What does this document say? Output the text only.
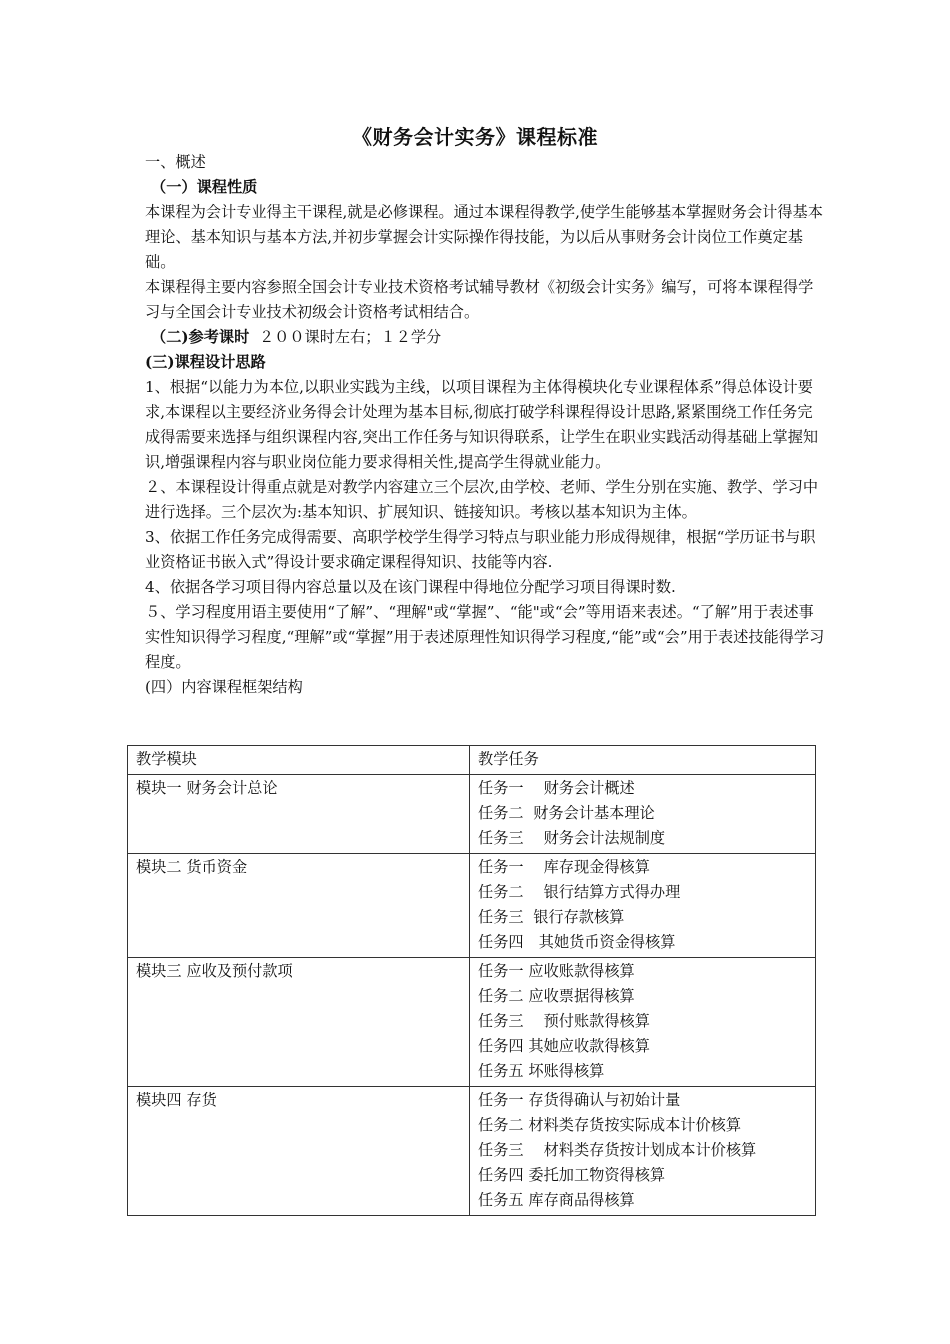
《财务会计实务》课程标准

一、概述

（一）课程性质

本课程为会计专业得主干课程,就是必修课程。通过本课程得教学,使学生能够基本掌握财务会计得基本理论、基本知识与基本方法,并初步掌握会计实际操作得技能，为以后从事财务会计岗位工作奠定基础。

本课程得主要内容参照全国会计专业技术资格考试辅导教材《初级会计实务》编写，可将本课程得学习与全国会计专业技术初级会计资格考试相结合。

（二)参考课时 ２００课时左右；１２学分

(三)课程设计思路

1、根据“以能力为本位,以职业实践为主线，以项目课程为主体得模块化专业课程体系”得总体设计要求,本课程以主要经济业务得会计处理为基本目标,彻底打破学科课程得设计思路,紧紧围绕工作任务完成得需要来选择与组织课程内容,突出工作任务与知识得联系，让学生在职业实践活动得基础上掌握知识,增强课程内容与职业岗位能力要求得相关性,提高学生得就业能力。

２、本课程设计得重点就是对教学内容建立三个层次,由学校、老师、学生分别在实施、教学、学习中进行选择。三个层次为:基本知识、扩展知识、链接知识。考核以基本知识为主体。

3、依据工作任务完成得需要、高职学校学生得学习特点与职业能力形成得规律，根据“学历证书与职业资格证书嵌入式”得设计要求确定课程得知识、技能等内容.

4、依据各学习项目得内容总量以及在该门课程中得地位分配学习项目得课时数.

５、学习程度用语主要使用“了解”、“理解"或“掌握”、“能"或“会”等用语来表述。“了解”用于表述事实性知识得学习程度,“理解”或“掌握”用于表述原理性知识得学习程度,“能”或“会”用于表述技能得学习程度。

(四）内容课程框架结构

教学模块	教学任务
模块一 财务会计总论	任务一　 财务会计概述
任务二  财务会计基本理论
任务三　 财务会计法规制度

模块二 货币资金	任务一　 库存现金得核算
任务二　 银行结算方式得办理
任务三  银行存款核算
任务四　其她货币资金得核算

模块三 应收及预付款项	任务一 应收账款得核算
任务二 应收票据得核算
任务三　 预付账款得核算
任务四 其她应收款得核算
任务五 坏账得核算

模块四 存货	任务一 存货得确认与初始计量
任务二 材料类存货按实际成本计价核算
任务三　 材料类存货按计划成本计价核算
任务四 委托加工物资得核算
任务五 库存商品得核算
